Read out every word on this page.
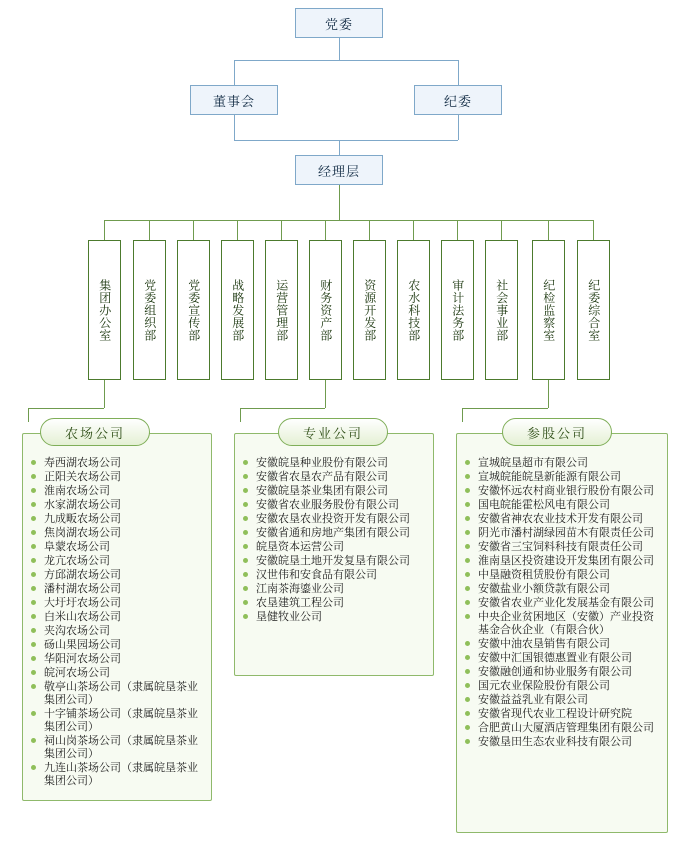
党委
董事会	纪委
经理层
集团办公室	党委组织部	党委宣传部	战略发展部	运营管理部	财务资产部	资源开发部	农水科技部	审计法务部	社会事业部	纪检监察室	纪委综合室
农场公司
寿西湖农场公司
正阳关农场公司
淮南农场公司
水家湖农场公司
九成畈农场公司
焦岗湖农场公司
阜蒙农场公司
龙亢农场公司
方邱湖农场公司
潘村湖农场公司
大圩圩农场公司
白米山农场公司
夹沟农场公司
砀山果园场公司
华阳河农场公司
皖河农场公司
敬亭山茶场公司（隶属皖垦茶业集团公司）
十字铺茶场公司（隶属皖垦茶业集团公司）
祠山岗茶场公司（隶属皖垦茶业集团公司）
九连山茶场公司（隶属皖垦茶业集团公司）
专业公司
安徽皖垦种业股份有限公司
安徽省农垦农产品有限公司
安徽皖垦茶业集团有限公司
安徽省农业服务股份有限公司
安徽农垦农业投资开发有限公司
安徽省通和房地产集团有限公司
皖垦资本运营公司
安徽皖垦土地开发复垦有限公司
汉世伟和安食品有限公司
江南茶海鎏业公司
农垦建筑工程公司
垦健牧业公司
参股公司
宣城皖垦超市有限公司
宣城皖能皖垦新能源有限公司
安徽怀远农村商业银行股份有限公司
国电皖能霍松风电有限公司
安徽省神农农业技术开发有限公司
阴光市潘村湖绿园苗木有限责任公司
安徽省三宝饲料科技有限责任公司
淮南垦区投资建设开发集团有限公司
中垦融资租赁股份有限公司
安徽盐业小额贷款有限公司
安徽省农业产业化发展基金有限公司
中央企业贫困地区（安徽）产业投资基金合伙企业（有限合伙）
安徽中油农垦销售有限公司
安徽中汇国银德惠置业有限公司
安徽融创通和协业服务有限公司
国元农业保险股份有限公司
安徽益益乳业有限公司
安徽省现代农业工程设计研究院
合肥黄山大厦酒店管理集团有限公司
安徽垦田生态农业科技有限公司
